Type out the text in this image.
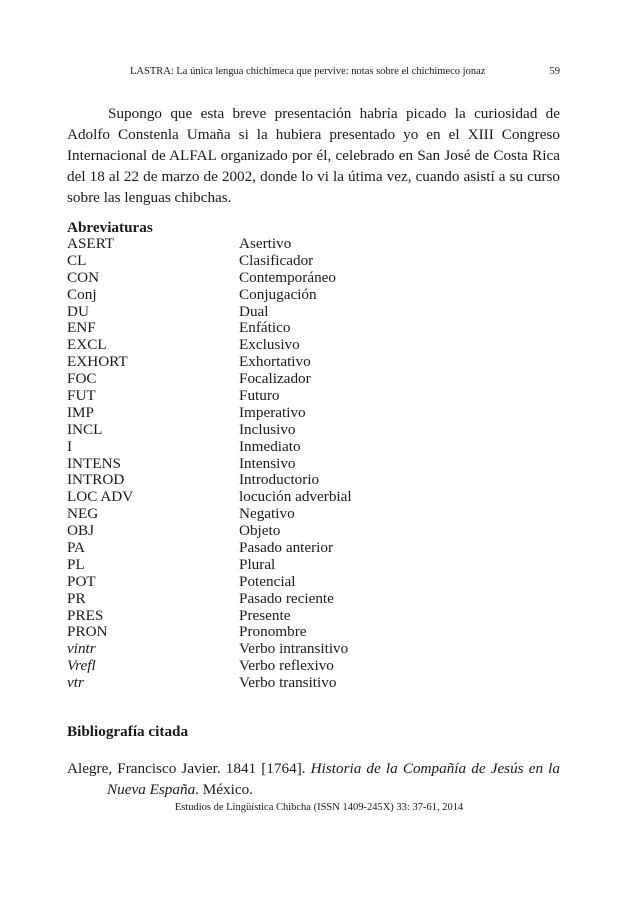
LASTRA: La única lengua chichimeca que pervive: notas sobre el chichimeco jonaz	59

Supongo que esta breve presentación habría picado la curiosidad de Adolfo Constenla Umaña si la hubiera presentado yo en el XIII Congreso Internacional de ALFAL organizado por él, celebrado en San José de Costa Rica del 18 al 22 de marzo de 2002, donde lo vi la útima vez, cuando asistí a su curso sobre las lenguas chibchas.

Abreviaturas
ASERT	Asertivo
CL	Clasificador
CON	Contemporáneo
Conj	Conjugación
DU	Dual
ENF	Enfático
EXCL	Exclusivo
EXHORT	Exhortativo
FOC	Focalizador
FUT	Futuro
IMP	Imperativo
INCL	Inclusivo
I	Inmediato
INTENS	Intensivo
INTROD	Introductorio
LOC ADV	locución adverbial
NEG	Negativo
OBJ	Objeto
PA	Pasado anterior
PL	Plural
POT	Potencial
PR	Pasado reciente
PRES	Presente
PRON	Pronombre
vintr	Verbo intransitivo
Vrefl	Verbo reflexivo
vtr	Verbo transitivo
Bibliografía citada

Alegre, Francisco Javier. 1841 [1764]. Historia de la Compañía de Jesús en la Nueva España. México.

Estudios de Lingüística Chibcha (ISSN 1409-245X) 33: 37-61, 2014
